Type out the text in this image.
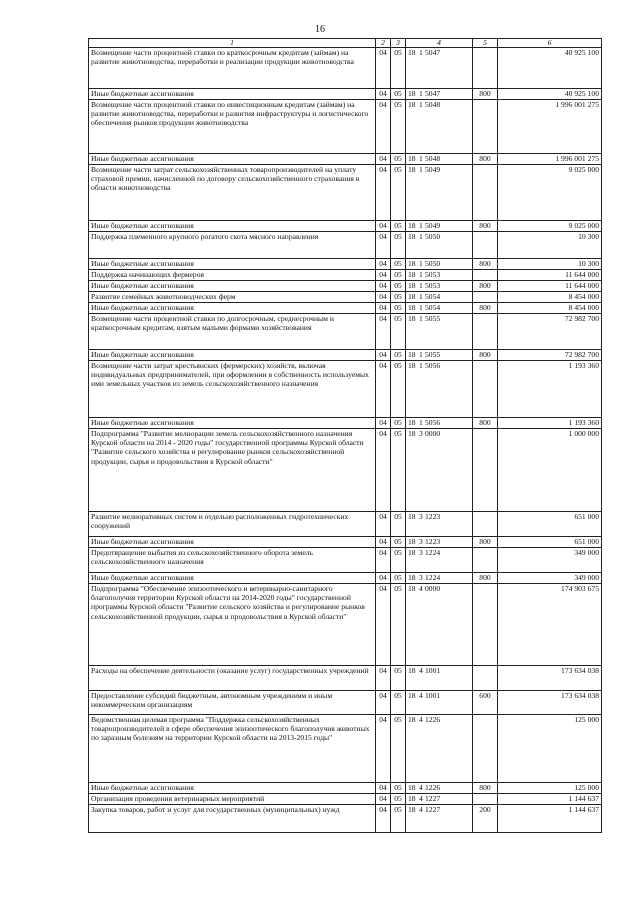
16
1	2	3	4	5	6
Возмещение части процентной ставки по краткосрочным кредитам (займам) на развитие животноводства, переработки и реализации продукции животноводства	04	05	18 1 5047		40 925 100
Иные бюджетные ассигнования	04	05	18 1 5047	800	40 925 100
Возмещение части процентной ставки по инвестиционным кредитам (займам) на развитие животноводства, переработки и развития инфраструктуры и логистического обеспечения рынков продукции животноводства	04	05	18 1 5048		1 996 001 275
Иные бюджетные ассигнования	04	05	18 1 5048	800	1 996 001 275
Возмещение части затрат сельскохозяйственных товаропроизводителей на уплату страховой премии, начисленной по договору сельскохозяйственного страхования в области животноводства	04	05	18 1 5049		9 025 000
Иные бюджетные ассигнования	04	05	18 1 5049	800	9 025 000
Поддержка племенного крупного рогатого скота мясного направления	04	05	18 1 5050		10 300
Иные бюджетные ассигнования	04	05	18 1 5050	800	10 300
Поддержка начинающих фермеров	04	05	18 1 5053		11 644 000
Иные бюджетные ассигнования	04	05	18 1 5053	800	11 644 000
Развитие семейных животноводческих ферм	04	05	18 1 5054		8 454 000
Иные бюджетные ассигнования	04	05	18 1 5054	800	8 454 000
Возмещение части процентной ставки по долгосрочным, среднесрочным и краткосрочным кредитам, взятым малыми формами хозяйствования	04	05	18 1 5055		72 982 700
Иные бюджетные ассигнования	04	05	18 1 5055	800	72 982 700
Возмещение части затрат крестьянских (фермерских) хозяйств, включая индивидуальных предпринимателей, при оформлении в собственность используемых ими земельных участков из земель сельскохозяйственного назначения	04	05	18 1 5056		1 193 360
Иные бюджетные ассигнования	04	05	18 1 5056	800	1 193 360
Подпрограмма "Развитие мелиорации земель сельскохозяйственного назначения Курской области на 2014 - 2020 годы" государственной программы Курской области "Развитие сельского хозяйства и регулирование рынков сельскохозяйственной продукции, сырья и продовольствия в Курской области"	04	05	18 3 0000		1 000 000
Развитие мелиоративных систем и отдельно расположенных гидротехнических сооружений	04	05	18 3 1223		651 000
Иные бюджетные ассигнования	04	05	18 3 1223	800	651 000
Предотвращение выбытия из сельскохозяйственного оборота земель сельскохозяйственного назначения	04	05	18 3 1224		349 000
Иные бюджетные ассигнования	04	05	18 3 1224	800	349 000
Подпрограмма "Обеспечение эпизоотического и ветеринарно-санитарного благополучия территории Курской области на 2014-2020 годы" государственной программы Курской области "Развитие сельского хозяйства и регулирование рынков сельскохозяйственной продукции, сырья и продовольствия в Курской области"	04	05	18 4 0000		174 903 675
Расходы на обеспечение деятельности (оказание услуг) государственных учреждений	04	05	18 4 1001		173 634 038
Предоставление субсидий бюджетным, автономным учреждениям и иным некоммерческим организациям	04	05	18 4 1001	600	173 634 038
Ведомственная целевая программа "Поддержка сельскохозяйственных товаропроизводителей в сфере обеспечения эпизоотического благополучия животных по заразным болезням на территории Курской области на 2013-2015 годы"	04	05	18 4 1226		125 000
Иные бюджетные ассигнования	04	05	18 4 1226	800	125 000
Организация проведения ветеринарных мероприятий	04	05	18 4 1227		1 144 637
Закупка товаров, работ и услуг для государственных (муниципальных) нужд	04	05	18 4 1227	200	1 144 637
